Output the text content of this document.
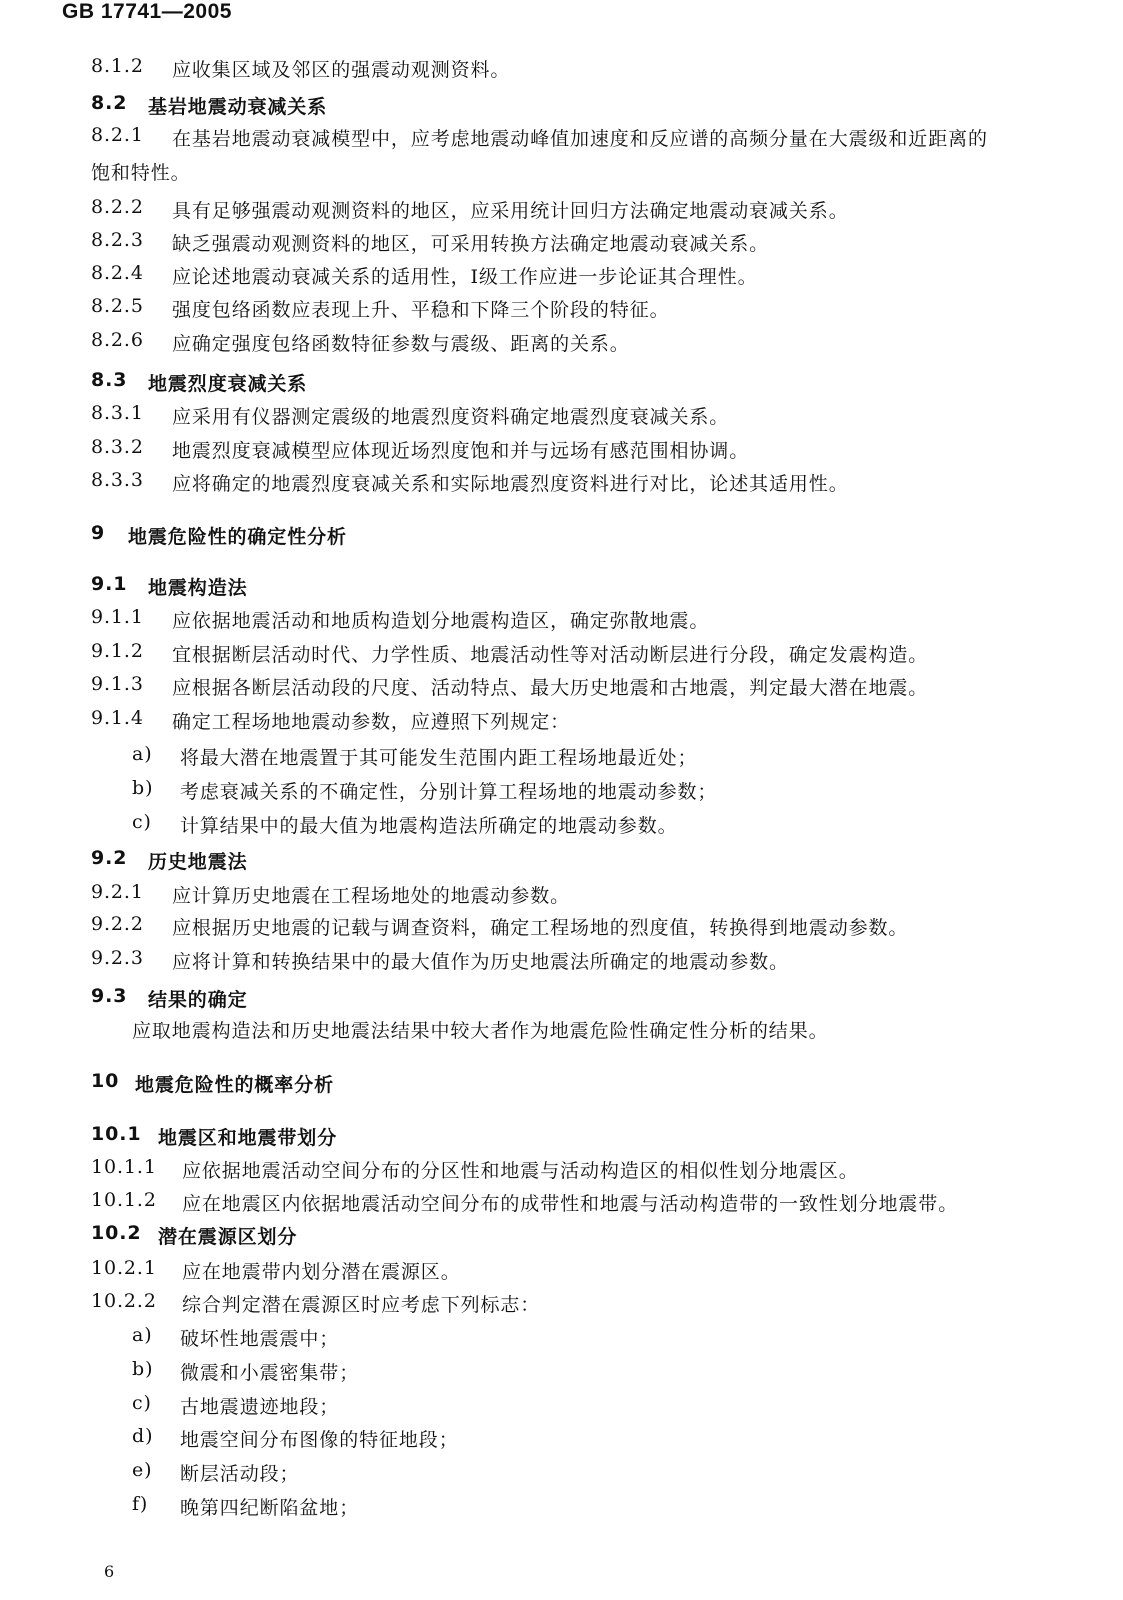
GB 17741—2005
8.1.2 应收集区域及邻区的强震动观测资料。
8.2 基岩地震动衰减关系
8.2.1 在基岩地震动衰减模型中，应考虑地震动峰值加速度和反应谱的高频分量在大震级和近距离的
饱和特性。
8.2.2 具有足够强震动观测资料的地区，应采用统计回归方法确定地震动衰减关系。
8.2.3 缺乏强震动观测资料的地区，可采用转换方法确定地震动衰减关系。
8.2.4 应论述地震动衰减关系的适用性，Ⅰ级工作应进一步论证其合理性。
8.2.5 强度包络函数应表现上升、平稳和下降三个阶段的特征。
8.2.6 应确定强度包络函数特征参数与震级、距离的关系。
8.3 地震烈度衰减关系
8.3.1 应采用有仪器测定震级的地震烈度资料确定地震烈度衰减关系。
8.3.2 地震烈度衰减模型应体现近场烈度饱和并与远场有感范围相协调。
8.3.3 应将确定的地震烈度衰减关系和实际地震烈度资料进行对比，论述其适用性。
9 地震危险性的确定性分析
9.1 地震构造法
9.1.1 应依据地震活动和地质构造划分地震构造区，确定弥散地震。
9.1.2 宜根据断层活动时代、力学性质、地震活动性等对活动断层进行分段，确定发震构造。
9.1.3 应根据各断层活动段的尺度、活动特点、最大历史地震和古地震，判定最大潜在地震。
9.1.4 确定工程场地地震动参数，应遵照下列规定：
a) 将最大潜在地震置于其可能发生范围内距工程场地最近处；
b) 考虑衰减关系的不确定性，分别计算工程场地的地震动参数；
c) 计算结果中的最大值为地震构造法所确定的地震动参数。
9.2 历史地震法
9.2.1 应计算历史地震在工程场地处的地震动参数。
9.2.2 应根据历史地震的记载与调查资料，确定工程场地的烈度值，转换得到地震动参数。
9.2.3 应将计算和转换结果中的最大值作为历史地震法所确定的地震动参数。
9.3 结果的确定
应取地震构造法和历史地震法结果中较大者作为地震危险性确定性分析的结果。
10 地震危险性的概率分析
10.1 地震区和地震带划分
10.1.1 应依据地震活动空间分布的分区性和地震与活动构造区的相似性划分地震区。
10.1.2 应在地震区内依据地震活动空间分布的成带性和地震与活动构造带的一致性划分地震带。
10.2 潜在震源区划分
10.2.1 应在地震带内划分潜在震源区。
10.2.2 综合判定潜在震源区时应考虑下列标志：
a) 破坏性地震震中；
b) 微震和小震密集带；
c) 古地震遗迹地段；
d) 地震空间分布图像的特征地段；
e) 断层活动段；
f) 晚第四纪断陷盆地；
6
